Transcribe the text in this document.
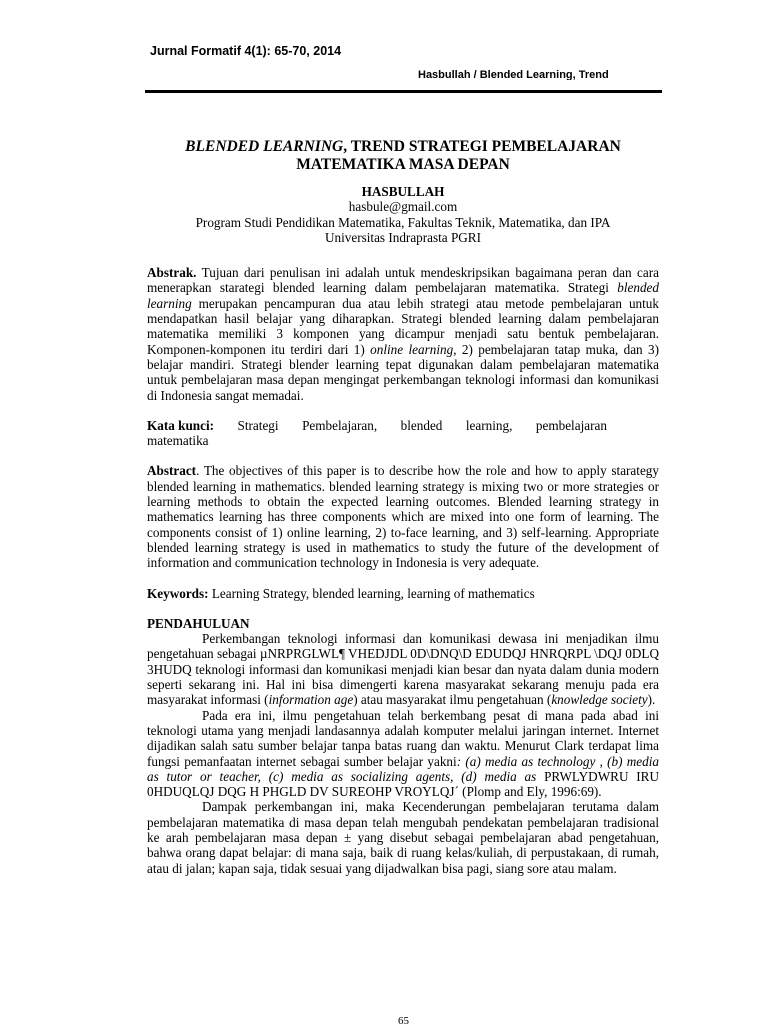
Jurnal Formatif 4(1): 65-70, 2014
Hasbullah / Blended Learning, Trend
BLENDED LEARNING, TREND STRATEGI PEMBELAJARAN
MATEMATIKA MASA DEPAN

HASBULLAH

hasbule@gmail.com

Program Studi Pendidikan Matematika, Fakultas Teknik, Matematika, dan IPA

Universitas Indraprasta PGRI

Abstrak. Tujuan dari penulisan ini adalah untuk mendeskripsikan bagaimana peran dan cara menerapkan starategi blended learning dalam pembelajaran matematika. Strategi blended learning merupakan pencampuran dua atau lebih strategi atau metode pembelajaran untuk mendapatkan hasil belajar yang diharapkan. Strategi blended learning dalam pembelajaran matematika memiliki 3 komponen yang dicampur menjadi satu bentuk pembelajaran. Komponen-komponen itu terdiri dari 1) online learning, 2) pembelajaran tatap muka, dan 3) belajar mandiri. Strategi blender learning tepat digunakan dalam pembelajaran matematika untuk pembelajaran masa depan mengingat perkembangan teknologi informasi dan komunikasi di Indonesia sangat memadai.

Kata kunci: Strategi Pembelajaran, blended learning, pembelajaran
matematika

Abstract. The objectives of this paper is to describe how the role and how to apply starategy blended learning in mathematics. blended learning strategy is mixing two or more strategies or learning methods to obtain the expected learning outcomes. Blended learning strategy in mathematics learning has three components which are mixed into one form of learning. The components consist of 1) online learning, 2) to-face learning, and 3) self-learning. Appropriate blended learning strategy is used in mathematics to study the future of the development of information and communication technology in Indonesia is very adequate.

Keywords: Learning Strategy, blended learning, learning of mathematics

PENDAHULUAN

Perkembangan teknologi informasi dan komunikasi dewasa ini menjadikan ilmu pengetahuan sebagai µNRPRGLWL¶ VHEDJDL 0D\DNQ\D EDUDQJ HNRQRPL \DQJ 0DLQ 3HUDQ teknologi informasi dan komunikasi menjadi kian besar dan nyata dalam dunia modern seperti sekarang ini. Hal ini bisa dimengerti karena masyarakat sekarang menuju pada era masyarakat informasi (information age) atau masyarakat ilmu pengetahuan (knowledge society).

Pada era ini, ilmu pengetahuan telah berkembang pesat di mana pada abad ini teknologi utama yang menjadi landasannya adalah komputer melalui jaringan internet. Internet dijadikan salah satu sumber belajar tanpa batas ruang dan waktu. Menurut Clark terdapat lima fungsi pemanfaatan internet sebagai sumber belajar yakni: (a) media as technology , (b) media as tutor or teacher, (c) media as socializing agents, (d) media as PRWLYDWRU IRU 0HDUQLQJ DQG H PHGLD DV SUREOHP VROYLQJ´ (Plomp and Ely, 1996:69).

Dampak perkembangan ini, maka Kecenderungan pembelajaran terutama dalam pembelajaran matematika di masa depan telah mengubah pendekatan pembelajaran tradisional ke arah pembelajaran masa depan ± yang disebut sebagai pembelajaran abad pengetahuan, bahwa orang dapat belajar: di mana saja, baik di ruang kelas/kuliah, di perpustakaan, di rumah, atau di jalan; kapan saja, tidak sesuai yang dijadwalkan bisa pagi, siang sore atau malam.

65
